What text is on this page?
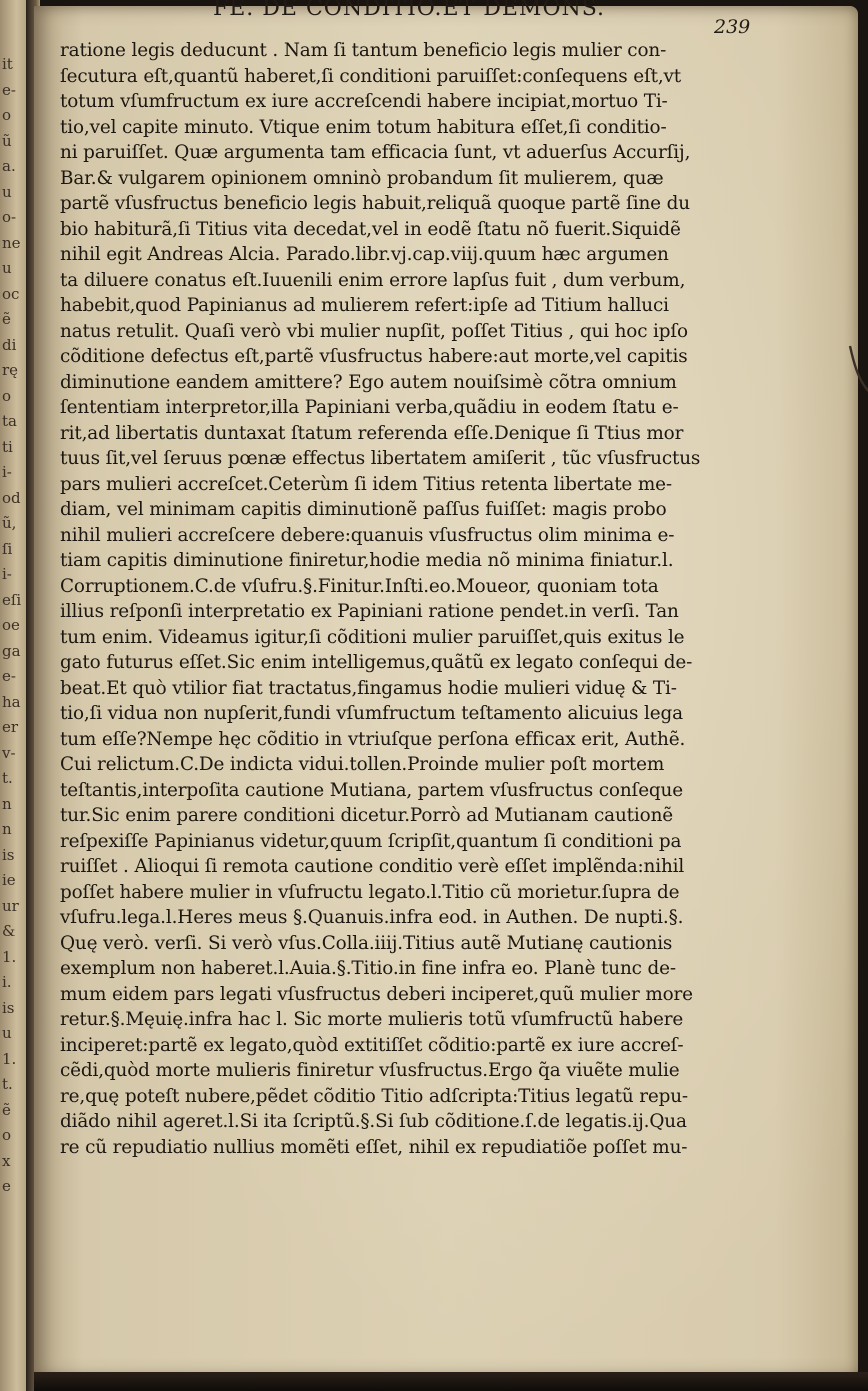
it
e-
o
ũ
a.
u
o-
ne
u
oc
ẽ
di
rę
o
ta
ti
i-
od
ũ,
ſi
i-
eſi
oe
ga
e-
ha
er
v-
t.
n
n
is
ie
ur
&
1.
i.
is
u
1.
t.
ẽ
o
x
e
FE. DE CONDITIO.ET DEMONS.
239
ratione legis deducunt . Nam ſi tantum beneficio legis mulier con-
ſecutura eſt,quantũ haberet,ſi conditioni paruiſſet:conſequens eſt,vt
totum vſumfructum ex iure accreſcendi habere incipiat,mortuo Ti-
tio,vel capite minuto. Vtique enim totum habitura eſſet,ſi conditio-
ni paruiſſet. Quæ argumenta tam efficacia ſunt, vt aduerſus Accurſij,
Bar.& vulgarem opinionem omninò probandum ſit mulierem, quæ
partẽ vſusfructus beneficio legis habuit,reliquã quoque partẽ ſine du
bio habiturã,ſi Titius vita decedat,vel in eodẽ ſtatu nõ fuerit.Siquidẽ
nihil egit Andreas Alcia. Parado.libr.vj.cap.viij.quum hæc argumen
ta diluere conatus eſt.Iuuenili enim errore lapſus fuit , dum verbum,
habebit,quod Papinianus ad mulierem refert:ipſe ad Titium halluci
natus retulit. Quaſi verò vbi mulier nupſit, poſſet Titius , qui hoc ipſo
cõditione defectus eſt,partẽ vſusfructus habere:aut morte,vel capitis
diminutione eandem amittere? Ego autem nouiſsimè cõtra omnium
ſententiam interpretor,illa Papiniani verba,quãdiu in eodem ſtatu e-
rit,ad libertatis duntaxat ſtatum referenda eſſe.Denique ſi Ttius mor
tuus ſit,vel ſeruus pœnæ effectus libertatem amiſerit , tũc vſusfructus
pars mulieri accreſcet.Ceterùm ſi idem Titius retenta libertate me-
diam, vel minimam capitis diminutionẽ paſſus fuiſſet: magis probo
nihil mulieri accreſcere debere:quanuis vſusfructus olim minima e-
tiam capitis diminutione finiretur,hodie media nõ minima finiatur.l.
Corruptionem.C.de vſufru.§.Finitur.Inſti.eo.Moueor, quoniam tota
illius reſponſi interpretatio ex Papiniani ratione pendet.in verſi. Tan
tum enim. Videamus igitur,ſi cõditioni mulier paruiſſet,quis exitus le
gato futurus eſſet.Sic enim intelligemus,quãtũ ex legato conſequi de-
beat.Et quò vtilior fiat tractatus,fingamus hodie mulieri viduę & Ti-
tio,ſi vidua non nupſerit,fundi vſumfructum teſtamento alicuius lega
tum eſſe?Nempe hęc cõditio in vtriuſque perſona efficax erit, Authẽ.
Cui relictum.C.De indicta vidui.tollen.Proinde mulier poſt mortem
teſtantis,interpoſita cautione Mutiana, partem vſusfructus conſeque
tur.Sic enim parere conditioni dicetur.Porrò ad Mutianam cautionẽ
reſpexiſſe Papinianus videtur,quum ſcripſit,quantum ſi conditioni pa
ruiſſet . Alioqui ſi remota cautione conditio verè eſſet implẽnda:nihil
poſſet habere mulier in vſufructu legato.l.Titio cũ morietur.ſupra de
vſufru.lega.l.Heres meus §.Quanuis.infra eod. in Authen. De nupti.§.
Quę verò. verſi. Si verò vſus.Colla.iiij.Titius autẽ Mutianę cautionis
exemplum non haberet.l.Auia.§.Titio.in fine infra eo. Planè tunc de-
mum eidem pars legati vſusfructus deberi inciperet,quũ mulier more
retur.§.Męuię.infra hac l. Sic morte mulieris totũ vſumfructũ habere
inciperet:partẽ ex legato,quòd extitiſſet cõditio:partẽ ex iure accreſ-
cẽdi,quòd morte mulieris finiretur vſusfructus.Ergo q̃a viuẽte mulie
re,quę poteſt nubere,pẽdet cõditio Titio adſcripta:Titius legatũ repu-
diãdo nihil ageret.l.Si ita ſcriptũ.§.Si ſub cõditione.ſ.de legatis.ij.Qua
re cũ repudiatio nullius momẽti eſſet, nihil ex repudiatiõe poſſet mu-
